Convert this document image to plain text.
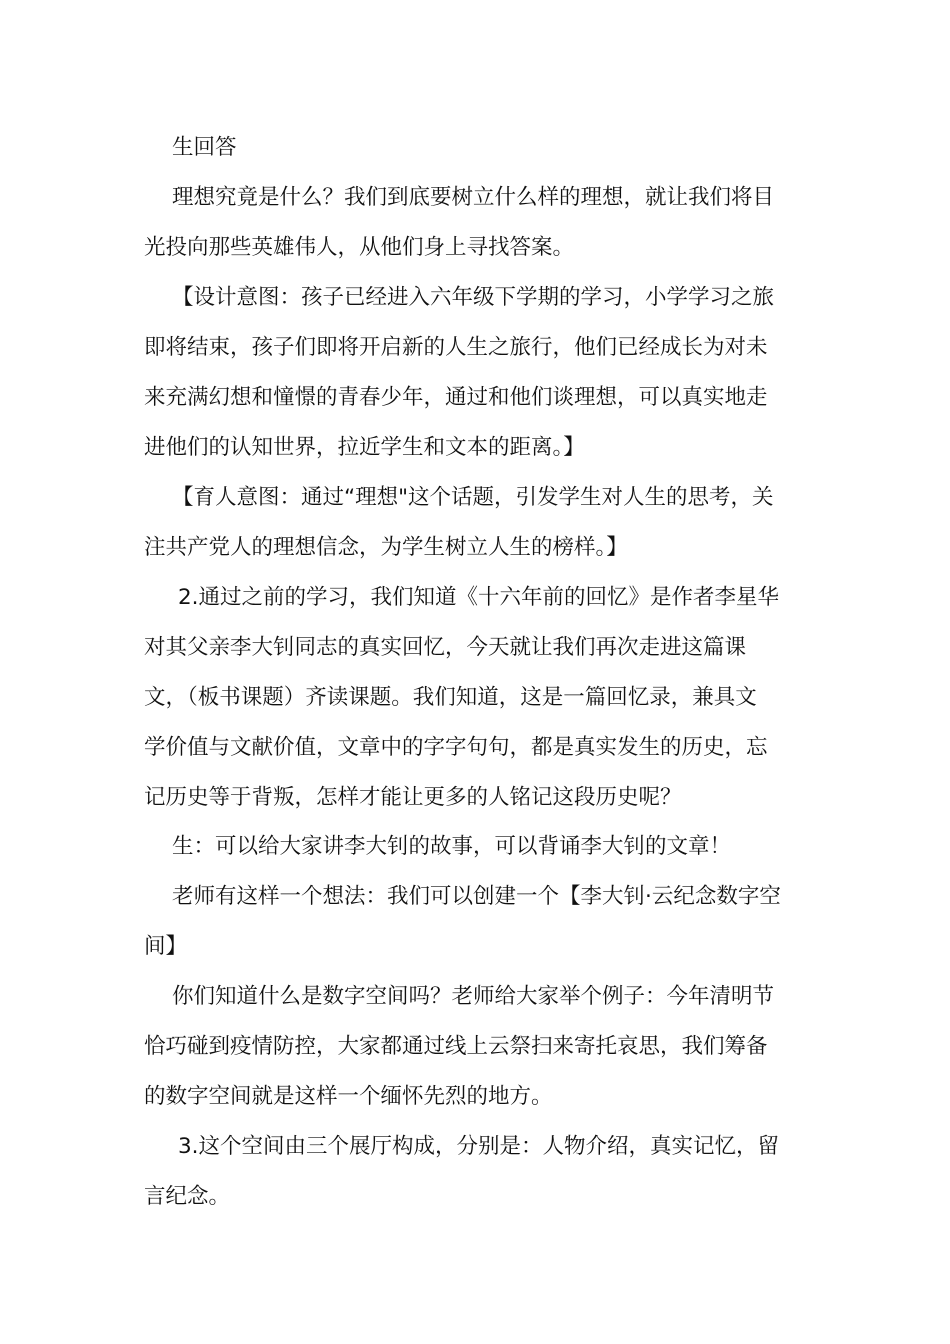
生回答
理想究竟是什么？我们到底要树立什么样的理想，就让我们将目
光投向那些英雄伟人，从他们身上寻找答案。
【设计意图：孩子已经进入六年级下学期的学习，小学学习之旅
即将结束，孩子们即将开启新的人生之旅行，他们已经成长为对未
来充满幻想和憧憬的青春少年，通过和他们谈理想，可以真实地走
进他们的认知世界，拉近学生和文本的距离。】
【育人意图：通过“理想"这个话题，引发学生对人生的思考，关
注共产党人的理想信念，为学生树立人生的榜样。】
2.通过之前的学习，我们知道《十六年前的回忆》是作者李星华
对其父亲李大钊同志的真实回忆，今天就让我们再次走进这篇课
文，（板书课题）齐读课题。我们知道，这是一篇回忆录，兼具文
学价值与文献价值，文章中的字字句句，都是真实发生的历史，忘
记历史等于背叛，怎样才能让更多的人铭记这段历史呢？
生：可以给大家讲李大钊的故事，可以背诵李大钊的文章！
老师有这样一个想法：我们可以创建一个【李大钊·云纪念数字空
间】
你们知道什么是数字空间吗？老师给大家举个例子：今年清明节
恰巧碰到疫情防控，大家都通过线上云祭扫来寄托哀思，我们筹备
的数字空间就是这样一个缅怀先烈的地方。
3.这个空间由三个展厅构成，分别是：人物介绍，真实记忆，留
言纪念。
